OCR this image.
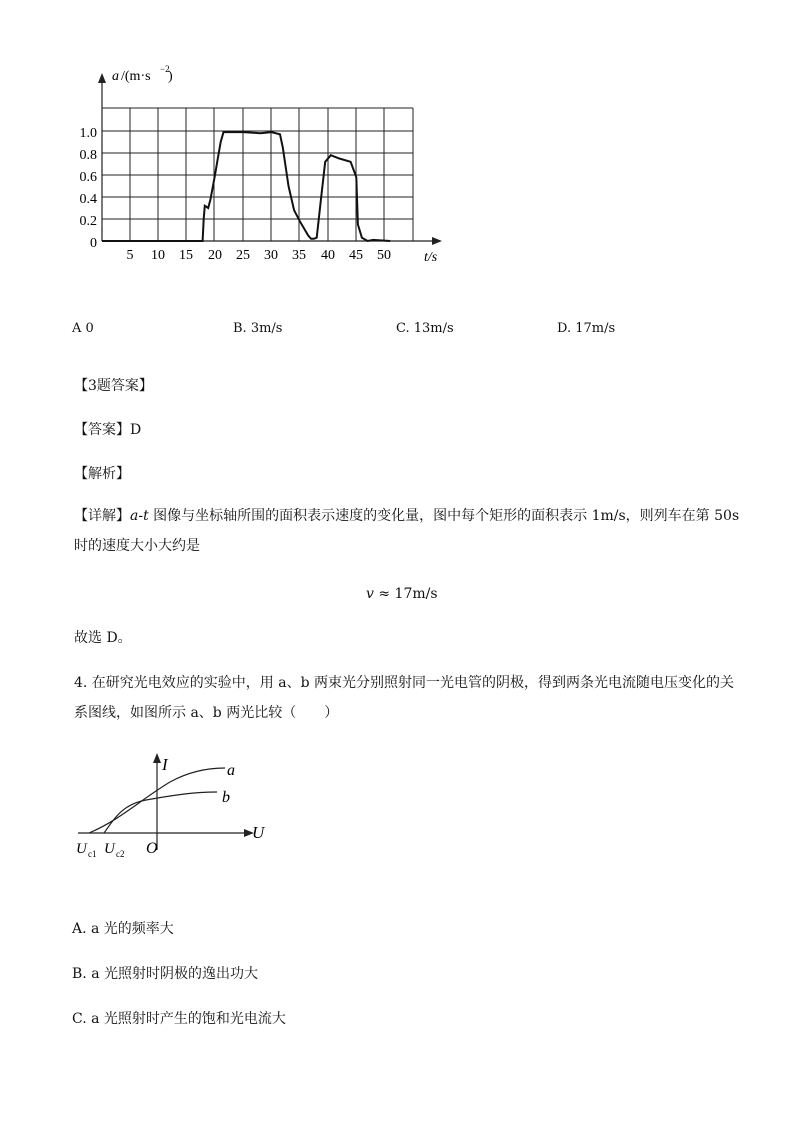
a /(m·s −2
)
1.0
0.8
0.6
0.4
0.2
0
5 10 15 20 25 30 35 40 45 50 t/s
A 0	B. 3m/s	C. 13m/s	D. 17m/s
【3题答案】
【答案】D
【解析】
【详解】a-t 图像与坐标轴所围的面积表示速度的变化量，图中每个矩形的面积表示 1m/s，则列车在第 50s
时的速度大小大约是
v ≈ 17m/s
故选 D。
4. 在研究光电效应的实验中，用 a、b 两束光分别照射同一光电管的阴极，得到两条光电流随电压变化的关
系图线，如图所示 a、b 两光比较（　　）
I
U
O
a
b
U c1 U c2
A. a 光的频率大
B. a 光照射时阴极的逸出功大
C. a 光照射时产生的饱和光电流大
